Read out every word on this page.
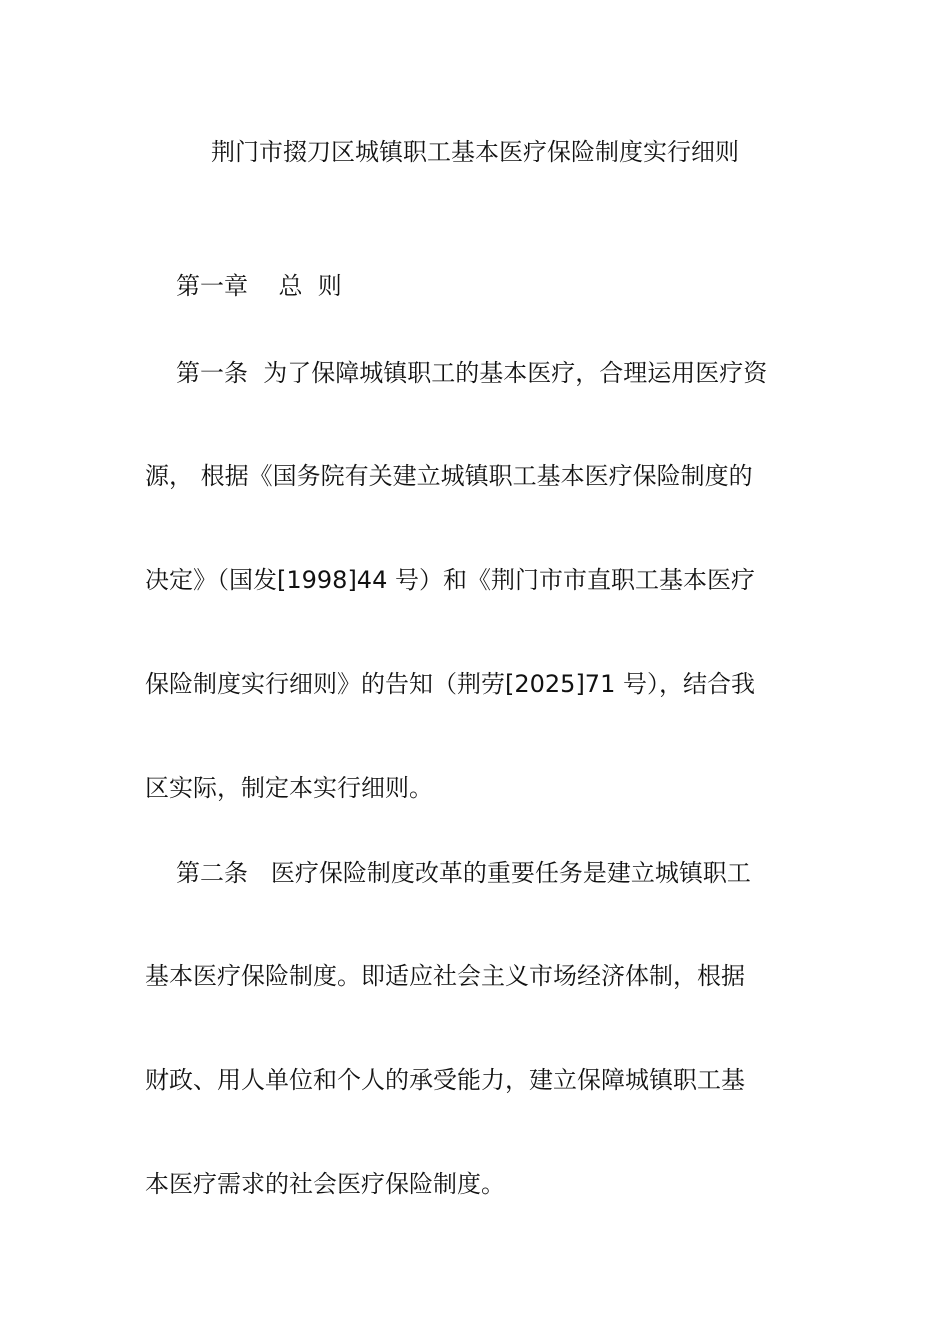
荆门市掇刀区城镇职工基本医疗保险制度实行细则
第一章    总  则
第一条  为了保障城镇职工的基本医疗，合理运用医疗资
源， 根据《国务院有关建立城镇职工基本医疗保险制度的
决定》（国发[1998]44 号）和《荆门市市直职工基本医疗
保险制度实行细则》的告知（荆劳[2025]71 号），结合我
区实际，制定本实行细则。
第二条   医疗保险制度改革的重要任务是建立城镇职工
基本医疗保险制度。即适应社会主义市场经济体制，根据
财政、用人单位和个人的承受能力，建立保障城镇职工基
本医疗需求的社会医疗保险制度。
